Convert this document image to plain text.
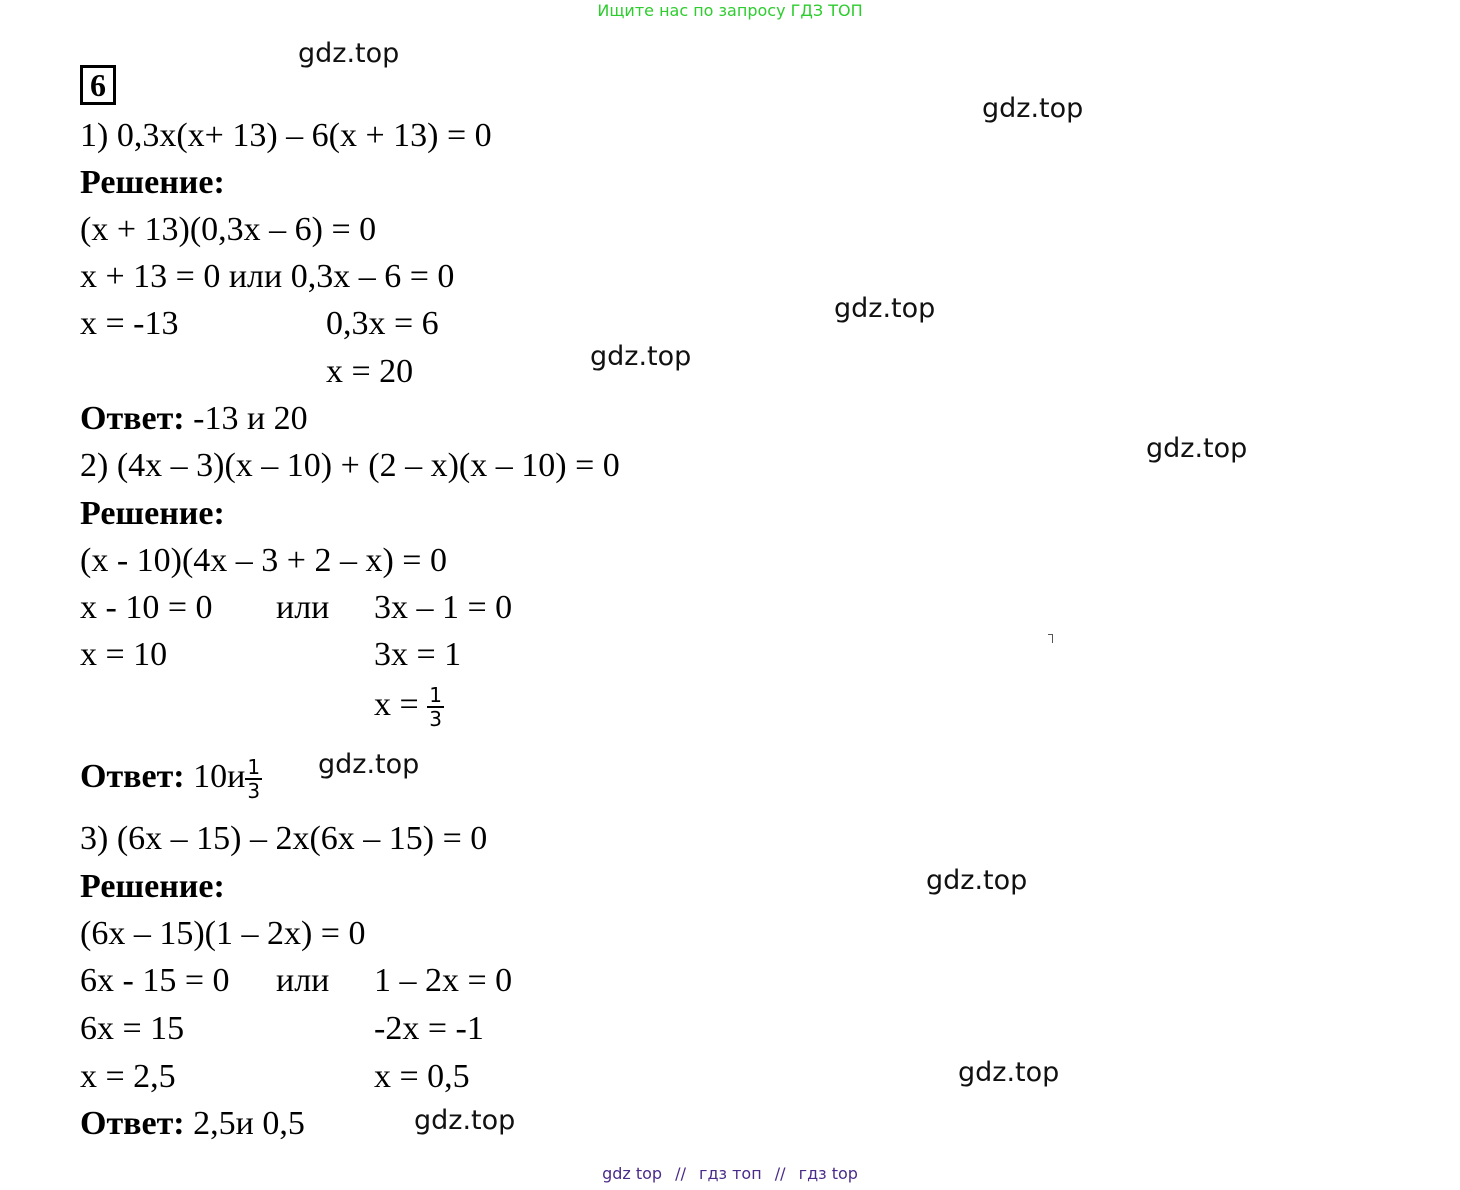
Ищите нас по запросу ГДЗ ТОП
6
gdz.top
gdz.top
gdz.top
gdz.top
gdz.top
gdz.top
gdz.top
gdz.top
gdz.top
1) 0,3x(x+ 13) – 6(x + 13) = 0
Решение:
(x + 13)(0,3x – 6) = 0
x + 13 = 0 или 0,3x – 6 = 0
x = -13	0,3x = 6
x = 20
Ответ: -13 и 20
2) (4x – 3)(x – 10) + (2 – x)(x – 10) = 0
Решение:
(x - 10)(4x – 3 + 2 – x) = 0
x - 10 = 0 или 3x – 1 = 0
x = 10	3x = 1
$x = \frac{1}{3}$
Ответ: $10и \frac{1}{3}$
3) (6x – 15) – 2x(6x – 15) = 0
Решение:
(6x – 15)(1 – 2x) = 0
6x - 15 = 0 или 1 – 2x = 0
6x = 15	-2x = -1
x = 2,5	x = 0,5
Ответ: 2,5и 0,5
gdz top // гдз топ // гдз top
